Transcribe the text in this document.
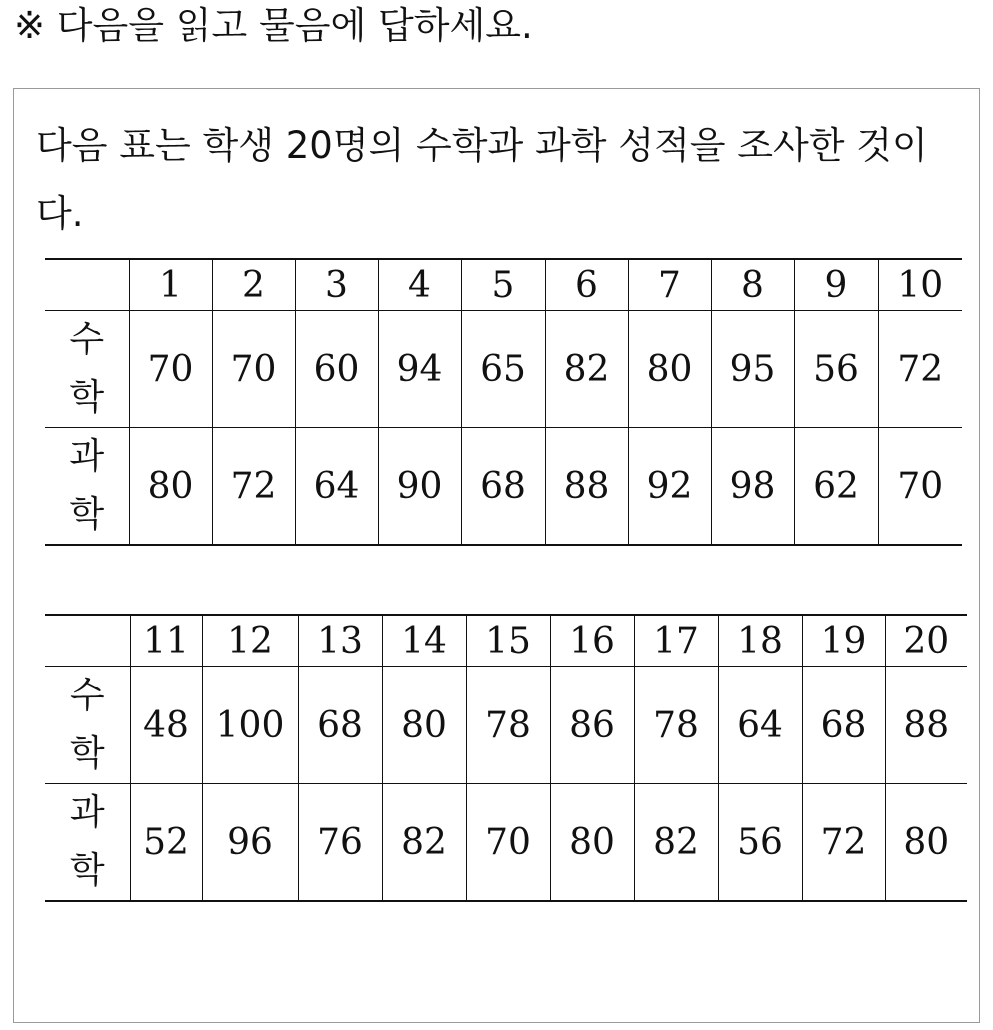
※ 다음을 읽고 물음에 답하세요.
다음 표는 학생 20명의 수학과 과학 성적을 조사한 것이다.
	1	2	3	4	5	6	7	8	9	10
수학	70	70	60	94	65	82	80	95	56	72
과학	80	72	64	90	68	88	92	98	62	70
	11	12	13	14	15	16	17	18	19	20
수학	48	100	68	80	78	86	78	64	68	88
과학	52	96	76	82	70	80	82	56	72	80
